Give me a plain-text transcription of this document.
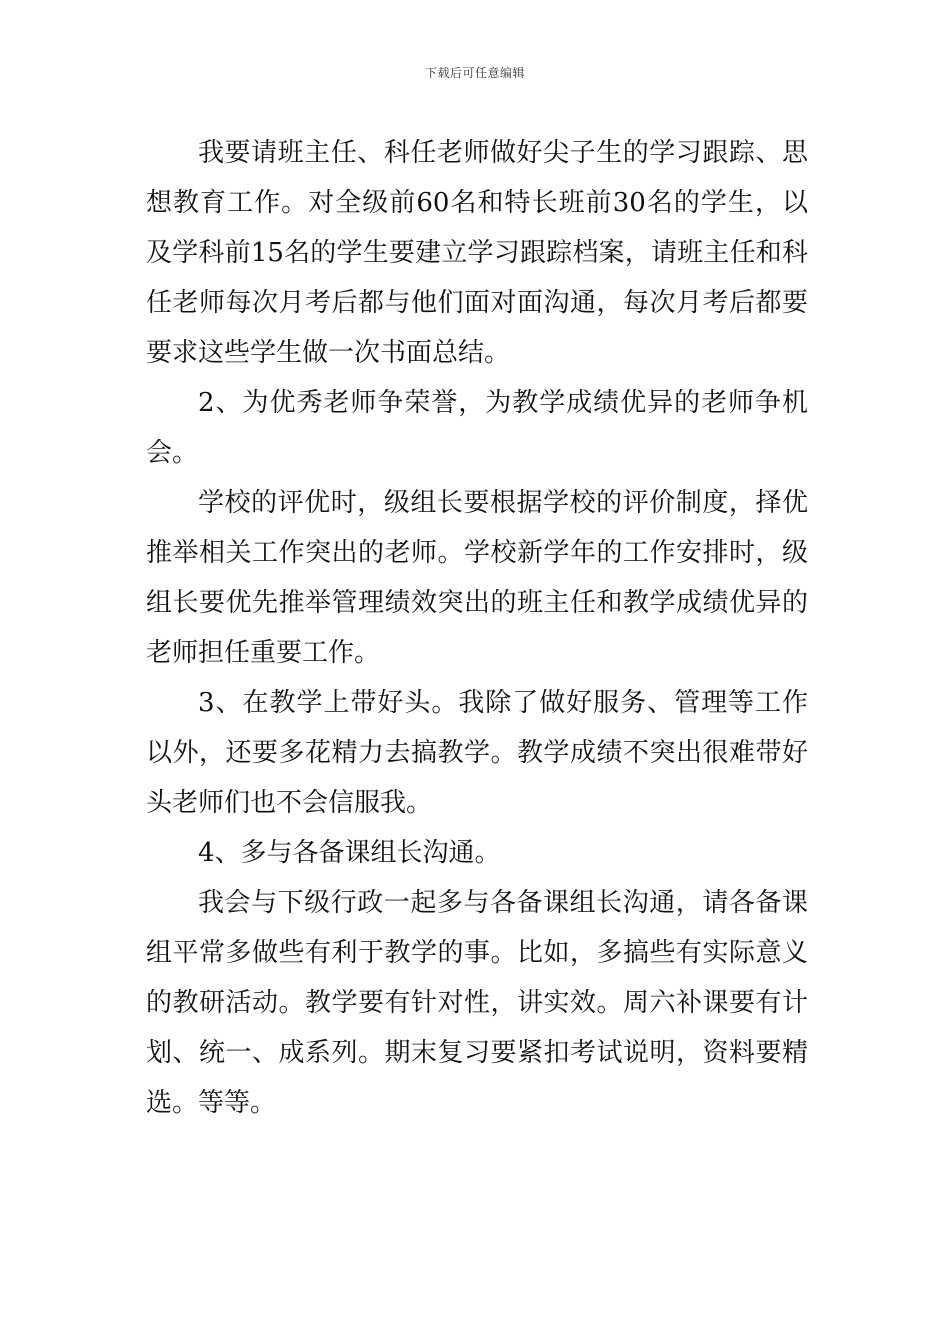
下载后可任意编辑

我要请班主任、科任老师做好尖子生的学习跟踪、思想教育工作。对全级前60名和特长班前30名的学生，以及学科前15名的学生要建立学习跟踪档案，请班主任和科任老师每次月考后都与他们面对面沟通，每次月考后都要要求这些学生做一次书面总结。

2、为优秀老师争荣誉，为教学成绩优异的老师争机会。

学校的评优时，级组长要根据学校的评价制度，择优推举相关工作突出的老师。学校新学年的工作安排时，级组长要优先推举管理绩效突出的班主任和教学成绩优异的老师担任重要工作。

3、在教学上带好头。我除了做好服务、管理等工作以外，还要多花精力去搞教学。教学成绩不突出很难带好头老师们也不会信服我。

4、多与各备课组长沟通。

我会与下级行政一起多与各备课组长沟通，请各备课组平常多做些有利于教学的事。比如，多搞些有实际意义的教研活动。教学要有针对性，讲实效。周六补课要有计划、统一、成系列。期末复习要紧扣考试说明，资料要精选。等等。
